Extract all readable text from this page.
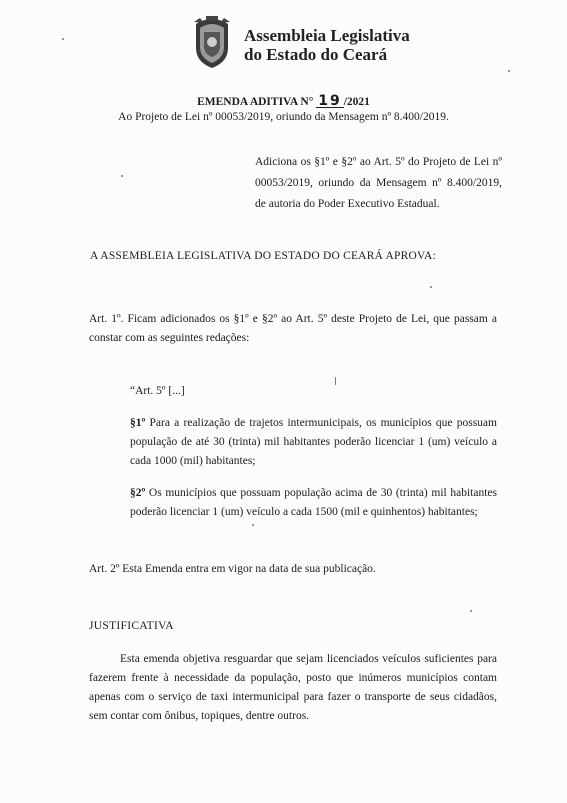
Assembleia Legislativa
do Estado do Ceará
EMENDA ADITIVA N° 19 /2021
Ao Projeto de Lei nº 00053/2019, oriundo da Mensagem nº 8.400/2019.
Adiciona os §1º e §2º ao Art. 5º do Projeto de Lei nº 00053/2019, oriundo da Mensagem nº 8.400/2019, de autoria do Poder Executivo Estadual.
A ASSEMBLEIA LEGISLATIVA DO ESTADO DO CEARÁ APROVA:
Art. 1º. Ficam adicionados os §1º e §2º ao Art. 5º deste Projeto de Lei, que passam a constar com as seguintes redações:
“Art. 5º [...]
§1º Para a realização de trajetos intermunicipais, os municípios que possuam população de até 30 (trinta) mil habitantes poderão licenciar 1 (um) veículo a cada 1000 (mil) habitantes;
§2º Os municípios que possuam população acima de 30 (trinta) mil habitantes poderão licenciar 1 (um) veículo a cada 1500 (mil e quinhentos) habitantes;
Art. 2º Esta Emenda entra em vigor na data de sua publicação.
JUSTIFICATIVA
Esta emenda objetiva resguardar que sejam licenciados veículos suficientes para fazerem frente à necessidade da população, posto que inúmeros municípios contam apenas com o serviço de taxi intermunicipal para fazer o transporte de seus cidadãos, sem contar com ônibus, topiques, dentre outros.
